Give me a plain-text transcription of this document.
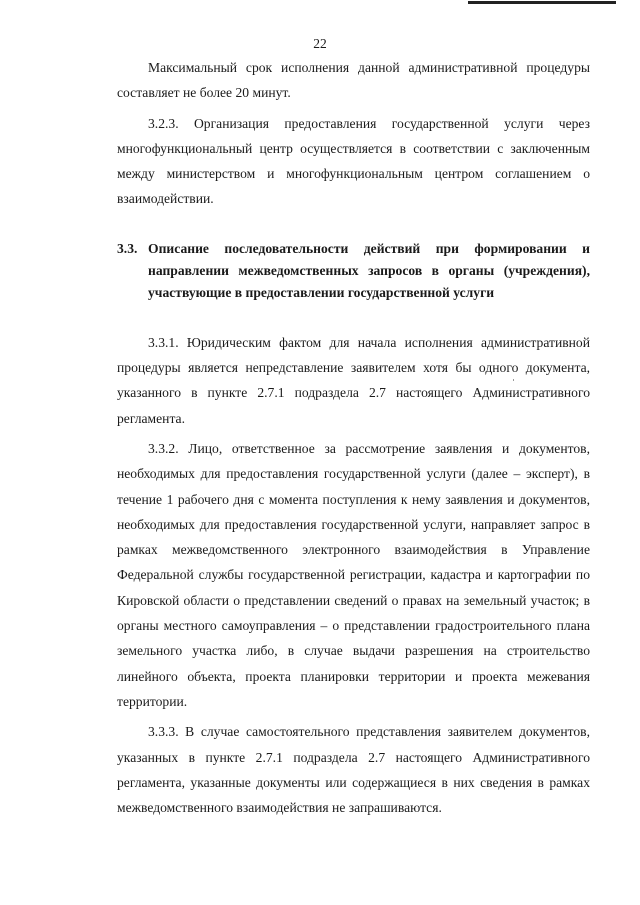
22

Максимальный срок исполнения данной административной процедуры составляет не более 20 минут.

3.2.3. Организация предоставления государственной услуги через многофункциональный центр осуществляется в соответствии с заключенным между министерством и многофункциональным центром соглашением о взаимодействии.

3.3. Описание последовательности действий при формировании и направлении межведомственных запросов в органы (учреждения), участвующие в предоставлении государственной услуги

3.3.1. Юридическим фактом для начала исполнения административной процедуры является непредставление заявителем хотя бы одного документа, указанного в пункте 2.7.1 подраздела 2.7 настоящего Административного регламента.

3.3.2. Лицо, ответственное за рассмотрение заявления и документов, необходимых для предоставления государственной услуги (далее – эксперт), в течение 1 рабочего дня с момента поступления к нему заявления и документов, необходимых для предоставления государственной услуги, направляет запрос в рамках межведомственного электронного взаимодействия в Управление Федеральной службы государственной регистрации, кадастра и картографии по Кировской области о представлении сведений о правах на земельный участок; в органы местного самоуправления – о представлении градостроительного плана земельного участка либо, в случае выдачи разрешения на строительство линейного объекта, проекта планировки территории и проекта межевания территории.

3.3.3. В случае самостоятельного представления заявителем документов, указанных в пункте 2.7.1 подраздела 2.7 настоящего Административного регламента, указанные документы или содержащиеся в них сведения в рамках межведомственного взаимодействия не запрашиваются.
